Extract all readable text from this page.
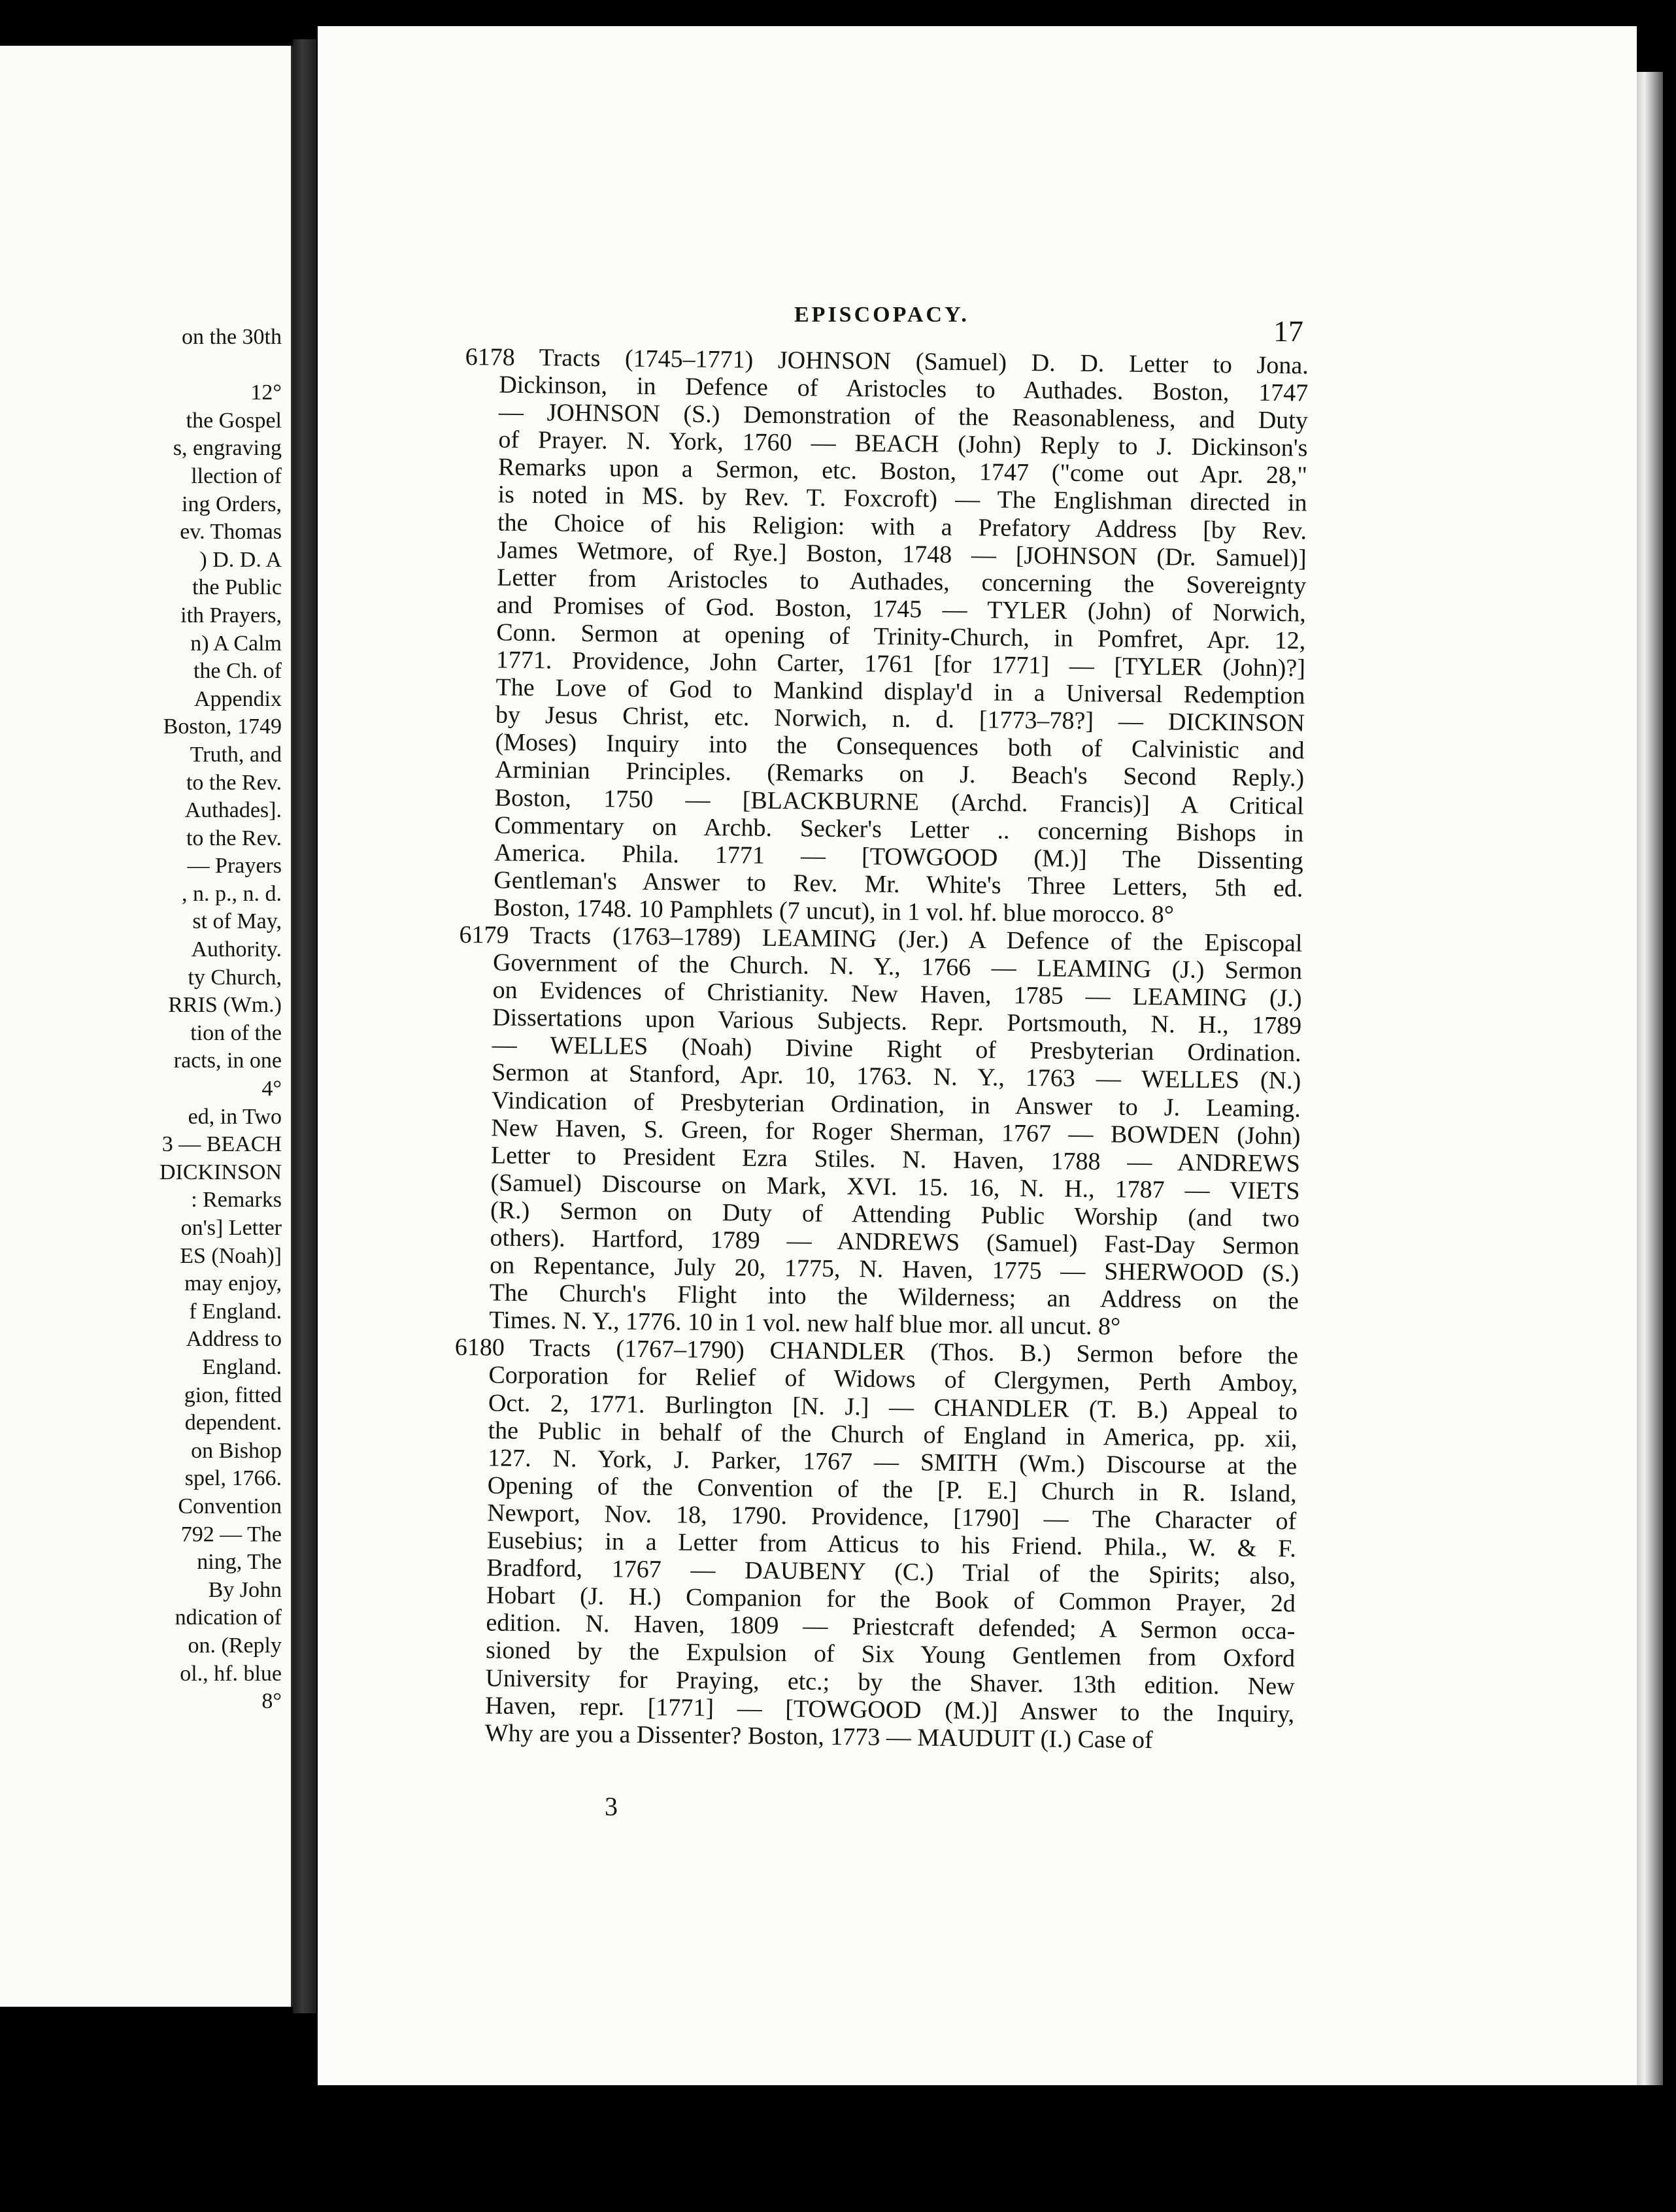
on the 30th
12°
the Gospel
s, engraving
llection of
ing Orders,
ev. Thomas
) D. D. A
the Public
ith Prayers,
n) A Calm
the Ch. of
Appendix
Boston, 1749
Truth, and
to the Rev.
Authades].
to the Rev.
— Prayers
, n. p., n. d.
st of May,
Authority.
ty Church,
RRIS (Wm.)
tion of the
racts, in one
4°
ed, in Two
3 — BEACH
DICKINSON
: Remarks
on's] Letter
ES (Noah)]
may enjoy,
f England.
Address to
England.
gion, fitted
dependent.
on Bishop
spel, 1766.
Convention
792 — The
ning, The
By John
ndication of
on. (Reply
ol., hf. blue
8°
EPISCOPACY.	17
6178 Tracts (1745–1771) JOHNSON (Samuel) D. D. Letter to Jona.
Dickinson, in Defence of Aristocles to Authades. Boston, 1747
— JOHNSON (S.) Demonstration of the Reasonableness, and Duty
of Prayer. N. York, 1760 — BEACH (John) Reply to J. Dickinson's
Remarks upon a Sermon, etc. Boston, 1747 ("come out Apr. 28,"
is noted in MS. by Rev. T. Foxcroft) — The Englishman directed in
the Choice of his Religion: with a Prefatory Address [by Rev.
James Wetmore, of Rye.] Boston, 1748 — [JOHNSON (Dr. Samuel)]
Letter from Aristocles to Authades, concerning the Sovereignty
and Promises of God. Boston, 1745 — TYLER (John) of Norwich,
Conn. Sermon at opening of Trinity-Church, in Pomfret, Apr. 12,
1771. Providence, John Carter, 1761 [for 1771] — [TYLER (John)?]
The Love of God to Mankind display'd in a Universal Redemption
by Jesus Christ, etc. Norwich, n. d. [1773–78?] — DICKINSON
(Moses) Inquiry into the Consequences both of Calvinistic and
Arminian Principles. (Remarks on J. Beach's Second Reply.)
Boston, 1750 — [BLACKBURNE (Archd. Francis)] A Critical
Commentary on Archb. Secker's Letter .. concerning Bishops in
America. Phila. 1771 — [TOWGOOD (M.)] The Dissenting
Gentleman's Answer to Rev. Mr. White's Three Letters, 5th ed.
Boston, 1748. 10 Pamphlets (7 uncut), in 1 vol. hf. blue morocco. 8°
6179 Tracts (1763–1789) LEAMING (Jer.) A Defence of the Episcopal
Government of the Church. N. Y., 1766 — LEAMING (J.) Sermon
on Evidences of Christianity. New Haven, 1785 — LEAMING (J.)
Dissertations upon Various Subjects. Repr. Portsmouth, N. H., 1789
— WELLES (Noah) Divine Right of Presbyterian Ordination.
Sermon at Stanford, Apr. 10, 1763. N. Y., 1763 — WELLES (N.)
Vindication of Presbyterian Ordination, in Answer to J. Leaming.
New Haven, S. Green, for Roger Sherman, 1767 — BOWDEN (John)
Letter to President Ezra Stiles. N. Haven, 1788 — ANDREWS
(Samuel) Discourse on Mark, XVI. 15. 16, N. H., 1787 — VIETS
(R.) Sermon on Duty of Attending Public Worship (and two
others). Hartford, 1789 — ANDREWS (Samuel) Fast-Day Sermon
on Repentance, July 20, 1775, N. Haven, 1775 — SHERWOOD (S.)
The Church's Flight into the Wilderness; an Address on the
Times. N. Y., 1776. 10 in 1 vol. new half blue mor. all uncut. 8°
6180 Tracts (1767–1790) CHANDLER (Thos. B.) Sermon before the
Corporation for Relief of Widows of Clergymen, Perth Amboy,
Oct. 2, 1771. Burlington [N. J.] — CHANDLER (T. B.) Appeal to
the Public in behalf of the Church of England in America, pp. xii,
127. N. York, J. Parker, 1767 — SMITH (Wm.) Discourse at the
Opening of the Convention of the [P. E.] Church in R. Island,
Newport, Nov. 18, 1790. Providence, [1790] — The Character of
Eusebius; in a Letter from Atticus to his Friend. Phila., W. & F.
Bradford, 1767 — DAUBENY (C.) Trial of the Spirits; also,
Hobart (J. H.) Companion for the Book of Common Prayer, 2d
edition. N. Haven, 1809 — Priestcraft defended; A Sermon occa-
sioned by the Expulsion of Six Young Gentlemen from Oxford
University for Praying, etc.; by the Shaver. 13th edition. New
Haven, repr. [1771] — [TOWGOOD (M.)] Answer to the Inquiry,
Why are you a Dissenter? Boston, 1773 — MAUDUIT (I.) Case of
3
